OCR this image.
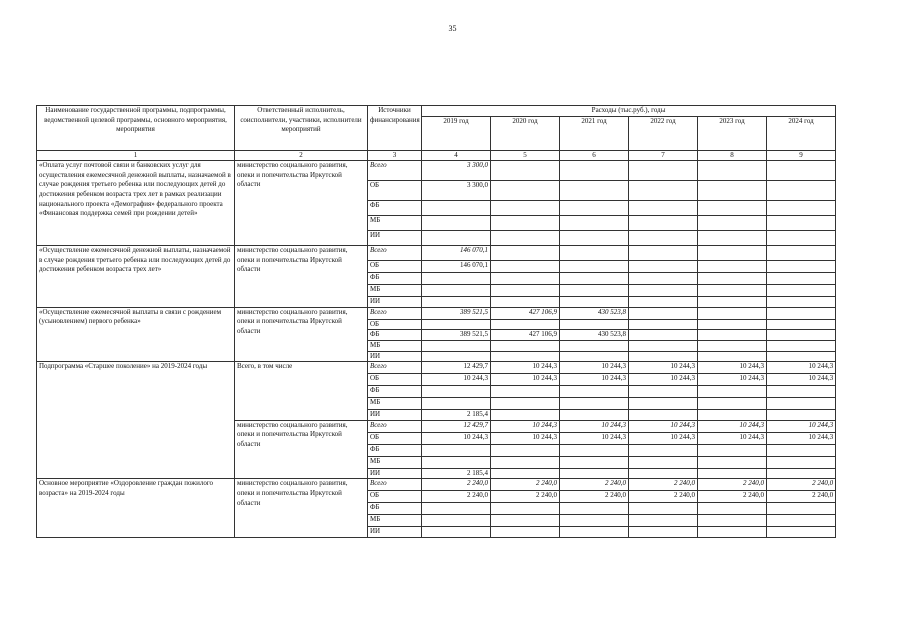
35
Наименование государственной программы, подпрограммы, ведомственной целевой программы, основного мероприятия, мероприятия	Ответственный исполнитель, соисполнители, участники, исполнители мероприятий	Источники финансирования	Расходы (тыс.руб.), годы					
			2019 год	2020 год	2021 год	2022 год	2023 год	2024 год
1	2	3	4	5	6	7	8	9
«Оплата услуг почтовой связи и банковских услуг для осуществления ежемесячной денежной выплаты, назначаемой в случае рождения третьего ребенка или последующих детей до достижения ребенком возраста трех лет в рамках реализации национального проекта «Демография» федерального проекта «Финансовая поддержка семей при рождении детей»	министерство социального развития, опеки и попечительства Иркутской области	Всего	3 300,0					
		ОБ	3 300,0					
		ФБ						
		МБ						
		ИИ						
«Осуществление ежемесячной денежной выплаты, назначаемой в случае рождения третьего ребенка или последующих детей до достижения ребенком возраста трех лет»	министерство социального развития, опеки и попечительства Иркутской области	Всего	146 070,1					
		ОБ	146 070,1					
		ФБ						
		МБ						
		ИИ						
«Осуществление ежемесячной выплаты в связи с рождением (усыновлением) первого ребенка»	министерство социального развития, опеки и попечительства Иркутской области	Всего	389 521,5	427 106,9	430 523,8			
		ОБ						
		ФБ	389 521,5	427 106,9	430 523,8			
		МБ						
		ИИ						
Подпрограмма «Старшее поколение» на 2019-2024 годы	Всего, в том числе	Всего	12 429,7	10 244,3	10 244,3	10 244,3	10 244,3	10 244,3
		ОБ	10 244,3	10 244,3	10 244,3	10 244,3	10 244,3	10 244,3
		ФБ						
		МБ						
		ИИ	2 185,4					
	министерство социального развития, опеки и попечительства Иркутской области	Всего	12 429,7	10 244,3	10 244,3	10 244,3	10 244,3	10 244,3
		ОБ	10 244,3	10 244,3	10 244,3	10 244,3	10 244,3	10 244,3
		ФБ						
		МБ						
		ИИ	2 185,4					
Основное мероприятие «Оздоровление граждан пожилого возраста» на 2019-2024 годы	министерство социального развития, опеки и попечительства Иркутской области	Всего	2 240,0	2 240,0	2 240,0	2 240,0	2 240,0	2 240,0
		ОБ	2 240,0	2 240,0	2 240,0	2 240,0	2 240,0	2 240,0
		ФБ						
		МБ						
		ИИ						
